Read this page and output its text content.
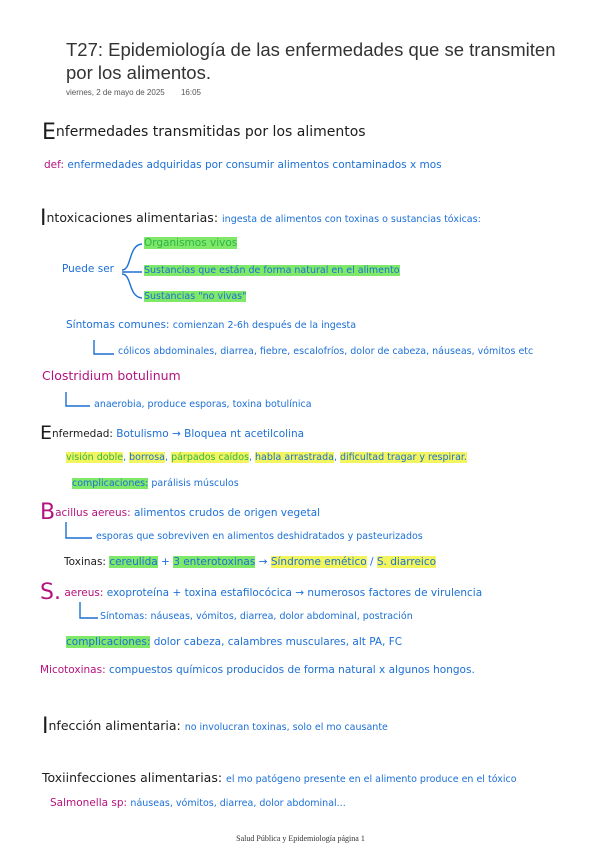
T27: Epidemiología de las enfermedades que se transmiten por los alimentos.
viernes, 2 de mayo de 2025 16:05
Enfermedades transmitidas por los alimentos
def: enfermedades adquiridas por consumir alimentos contaminados x mos
Intoxicaciones alimentarias: ingesta de alimentos con toxinas o sustancias tóxicas:
Puede ser
Organismos vivos
Sustancias que están de forma natural en el alimento
Sustancias "no vivas"
Síntomas comunes: comienzan 2-6h después de la ingesta
cólicos abdominales, diarrea, fiebre, escalofríos, dolor de cabeza, náuseas, vómitos etc
Clostridium botulinum
anaerobia, produce esporas, toxina botulínica
Enfermedad: Botulismo → Bloquea nt acetilcolina
visión doble, borrosa, párpados caídos, habla arrastrada, dificultad tragar y respirar.
complicaciones: parálisis músculos
Bacillus aereus: alimentos crudos de origen vegetal
esporas que sobreviven en alimentos deshidratados y pasteurizados
Toxinas: cereulida + 3 enterotoxinas → Síndrome emético / S. diarreico
S. aereus: exoproteína + toxina estafilocócica → numerosos factores de virulencia
Síntomas: náuseas, vómitos, diarrea, dolor abdominal, postración
complicaciones: dolor cabeza, calambres musculares, alt PA, FC
Micotoxinas: compuestos químicos producidos de forma natural x algunos hongos.
Infección alimentaria: no involucran toxinas, solo el mo causante
Toxiinfecciones alimentarias: el mo patógeno presente en el alimento produce en el tóxico
Salmonella sp: náuseas, vómitos, diarrea, dolor abdominal...
Salud Pública y Epidemiología página 1
